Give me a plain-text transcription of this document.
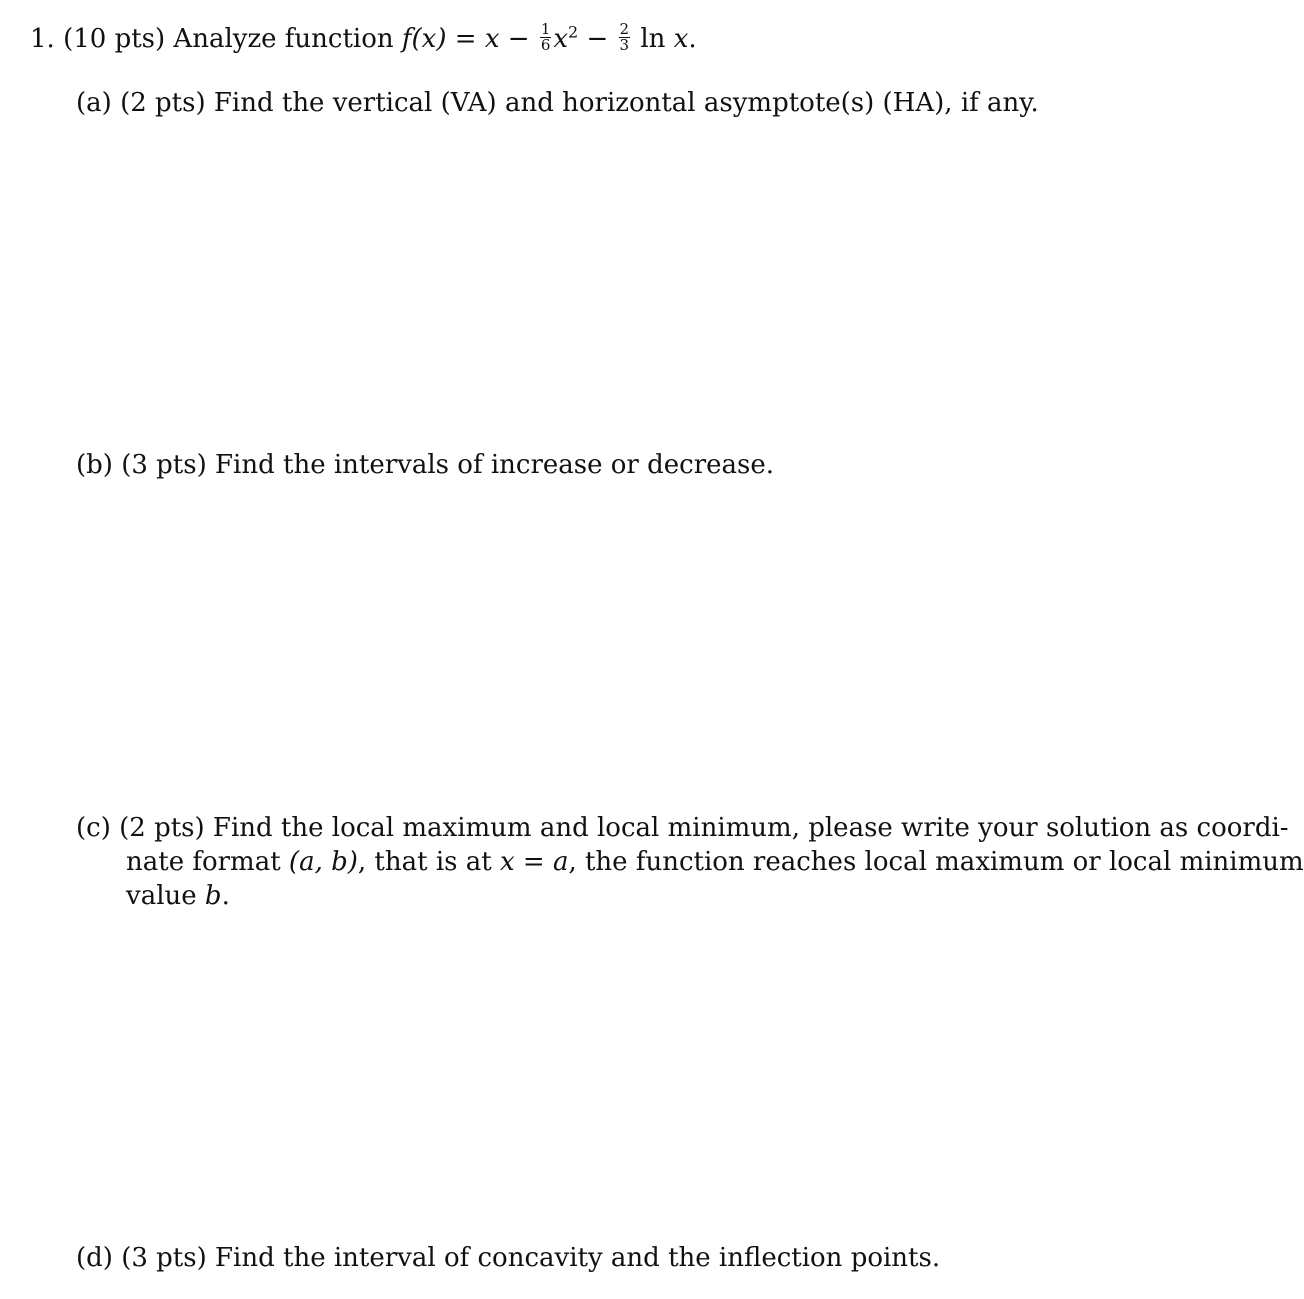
1. (10 pts) Analyze function $f(x) = x - \frac{1}{6} x^2 - \frac{2}{3}$ ln x.
(a) (2 pts) Find the vertical (VA) and horizontal asymptote(s) (HA), if any.
(b) (3 pts) Find the intervals of increase or decrease.
(c) (2 pts) Find the local maximum and local minimum, please write your solution as coordi-
nate format (a, b), that is at x = a, the function reaches local maximum or local minimum
value b.
(d) (3 pts) Find the interval of concavity and the inflection points.
